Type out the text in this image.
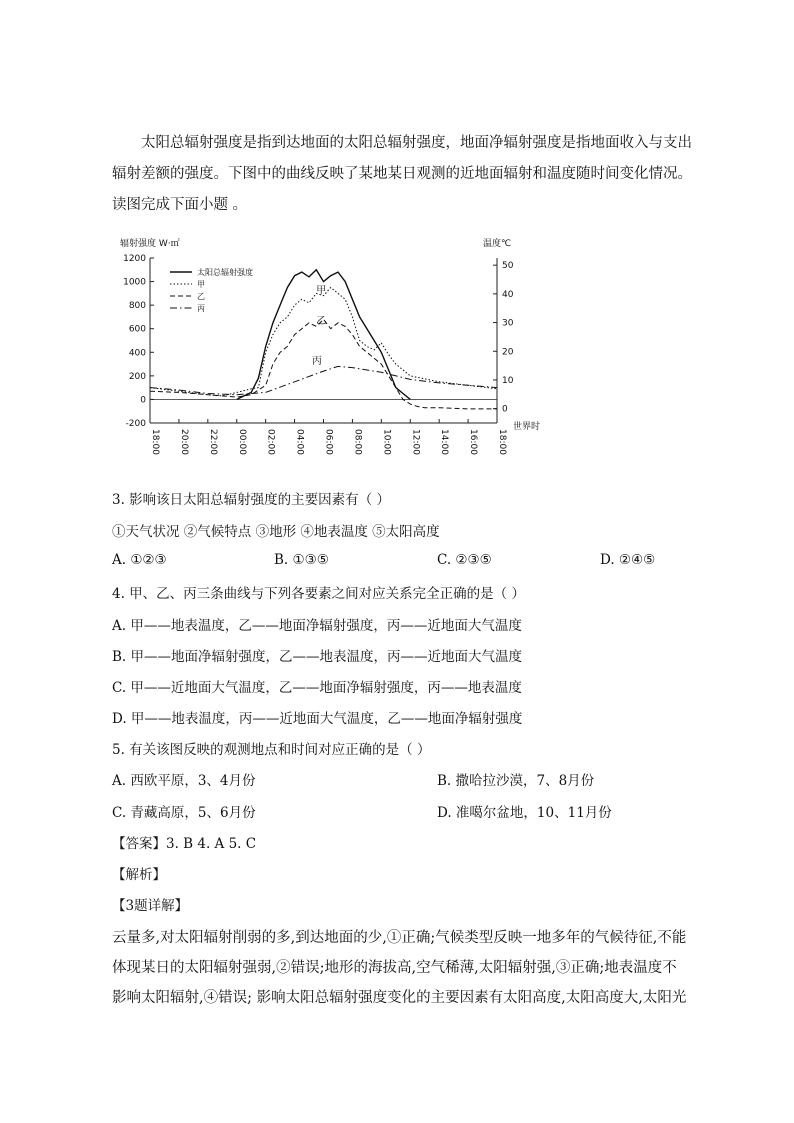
太阳总辐射强度是指到达地面的太阳总辐射强度，地面净辐射强度是指地面收入与支出
辐射差额的强度。下图中的曲线反映了某地某日观测的近地面辐射和温度随时间变化情况。
读图完成下面小题 。

辐射强度 W·㎡	温度℃
世界时
1200
1000
800
600
400
200
0
-200
50
40
30
20
10
0
18:00 20:00 22:00 00:00 02:00 04:00 06:00 08:00 10:00 12:00 14:00 16:00 18:00
太阳总辐射强度
甲
乙
丙
甲
乙
丙
3. 影响该日太阳总辐射强度的主要因素有（ ）
①天气状况 ②气候特点 ③地形 ④地表温度 ⑤太阳高度
A. ①②③	B. ①③⑤	C. ②③⑤	D. ②④⑤
4. 甲、乙、丙三条曲线与下列各要素之间对应关系完全正确的是（ ）
A. 甲——地表温度，乙——地面净辐射强度，丙——近地面大气温度
B. 甲——地面净辐射强度，乙——地表温度，丙——近地面大气温度
C. 甲——近地面大气温度，乙——地面净辐射强度，丙——地表温度
D. 甲——地表温度，丙——近地面大气温度，乙——地面净辐射强度
5. 有关该图反映的观测地点和时间对应正确的是（ ）
A. 西欧平原，3、4月份	B. 撒哈拉沙漠，7、8月份
C. 青藏高原，5、6月份	D. 准噶尔盆地，10、11月份
【答案】3. B 4. A 5. C
【解析】
【3题详解】
云量多,对太阳辐射削弱的多,到达地面的少,①正确;气候类型反映一地多年的气候待征,不能
体现某日的太阳辐射强弱,②错误;地形的海拔高,空气稀薄,太阳辐射强,③正确;地表温度不
影响太阳辐射,④错误; 影响太阳总辐射强度变化的主要因素有太阳高度,太阳高度大,太阳光
